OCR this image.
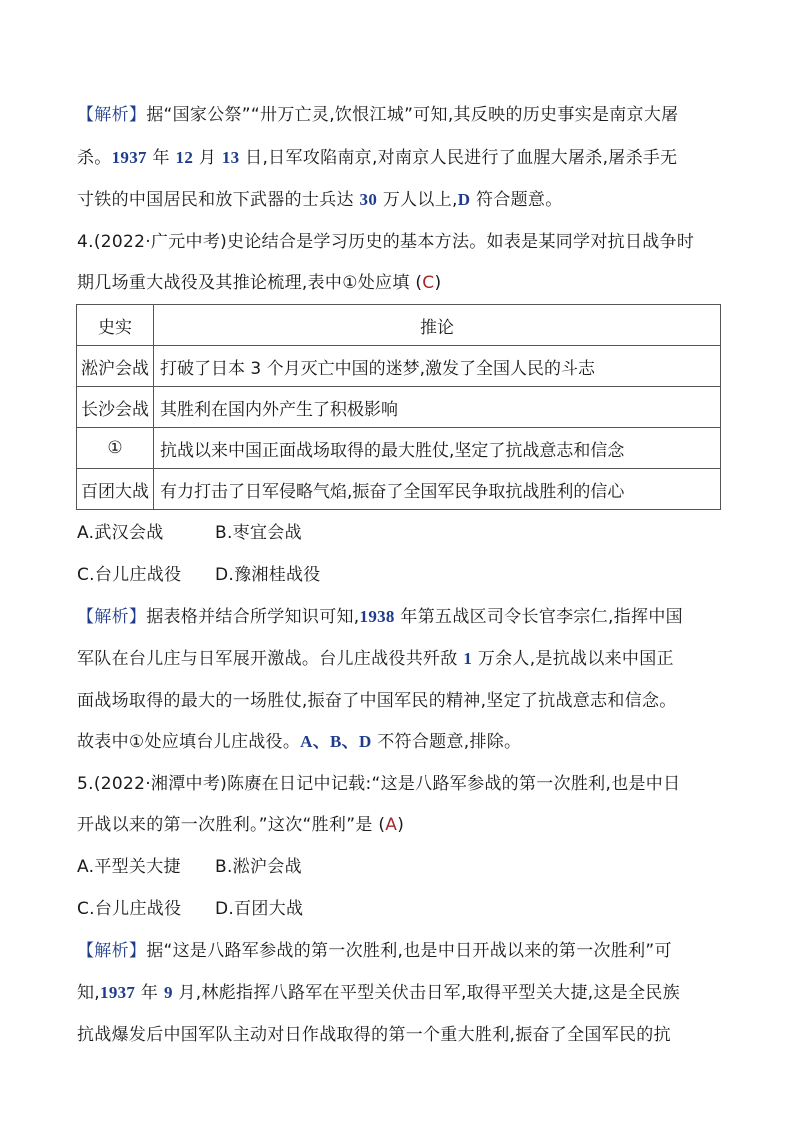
【解析】据“国家公祭”“卅万亡灵,饮恨江城”可知,其反映的历史事实是南京大屠
杀。1937 年 12 月 13 日,日军攻陷南京,对南京人民进行了血腥大屠杀,屠杀手无
寸铁的中国居民和放下武器的士兵达 30 万人以上,D 符合题意。
4.(2022·广元中考)史论结合是学习历史的基本方法。如表是某同学对抗日战争时
期几场重大战役及其推论梳理,表中①处应填 (C)
史实	推论
淞沪会战	打破了日本 3 个月灭亡中国的迷梦,激发了全国人民的斗志
长沙会战	其胜利在国内外产生了积极影响
①	抗战以来中国正面战场取得的最大胜仗,坚定了抗战意志和信念
百团大战	有力打击了日军侵略气焰,振奋了全国军民争取抗战胜利的信心
A.武汉会战	B.枣宜会战
C.台儿庄战役 D.豫湘桂战役
【解析】据表格并结合所学知识可知,1938 年第五战区司令长官李宗仁,指挥中国
军队在台儿庄与日军展开激战。台儿庄战役共歼敌 1 万余人,是抗战以来中国正
面战场取得的最大的一场胜仗,振奋了中国军民的精神,坚定了抗战意志和信念。
故表中①处应填台儿庄战役。A、B、D 不符合题意,排除。
5.(2022·湘潭中考)陈赓在日记中记载:“这是八路军参战的第一次胜利,也是中日
开战以来的第一次胜利。”这次“胜利”是 (A)
A.平型关大捷 B.淞沪会战
C.台儿庄战役 D.百团大战
【解析】据“这是八路军参战的第一次胜利,也是中日开战以来的第一次胜利”可
知,1937 年 9 月,林彪指挥八路军在平型关伏击日军,取得平型关大捷,这是全民族
抗战爆发后中国军队主动对日作战取得的第一个重大胜利,振奋了全国军民的抗
